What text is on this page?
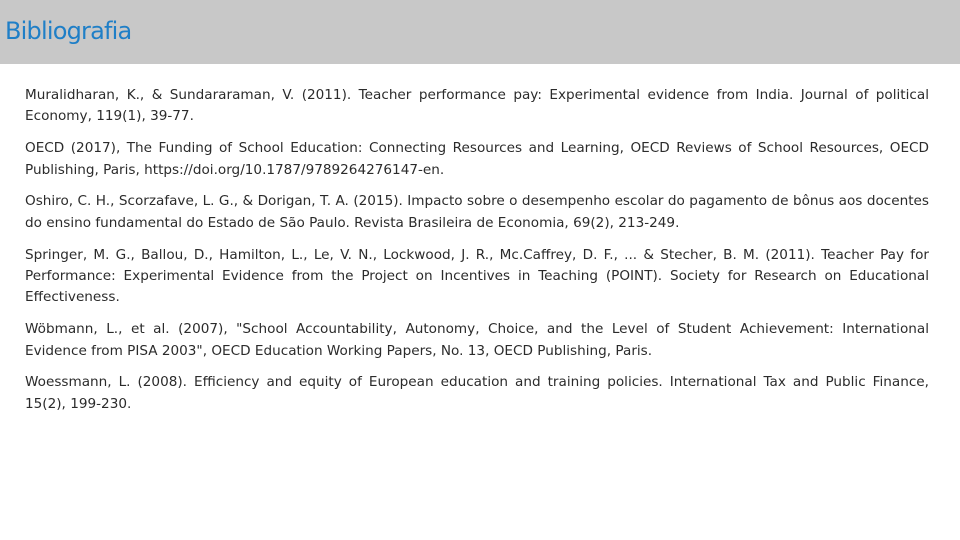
Bibliografia

Muralidharan, K., & Sundararaman, V. (2011). Teacher performance pay: Experimental evidence from India. Journal of political Economy, 119(1), 39-77.

OECD (2017), The Funding of School Education: Connecting Resources and Learning, OECD Reviews of School Resources, OECD Publishing, Paris, https://doi.org/10.1787/9789264276147-en.

Oshiro, C. H., Scorzafave, L. G., & Dorigan, T. A. (2015). Impacto sobre o desempenho escolar do pagamento de bônus aos docentes do ensino fundamental do Estado de São Paulo. Revista Brasileira de Economia, 69(2), 213-249.

Springer, M. G., Ballou, D., Hamilton, L., Le, V. N., Lockwood, J. R., Mc.Caffrey, D. F., ... & Stecher, B. M. (2011). Teacher Pay for Performance: Experimental Evidence from the Project on Incentives in Teaching (POINT). Society for Research on Educational Effectiveness.

Wöbmann, L., et al. (2007), "School Accountability, Autonomy, Choice, and the Level of Student Achievement: International Evidence from PISA 2003", OECD Education Working Papers, No. 13, OECD Publishing, Paris.

Woessmann, L. (2008). Efficiency and equity of European education and training policies. International Tax and Public Finance, 15(2), 199-230.
